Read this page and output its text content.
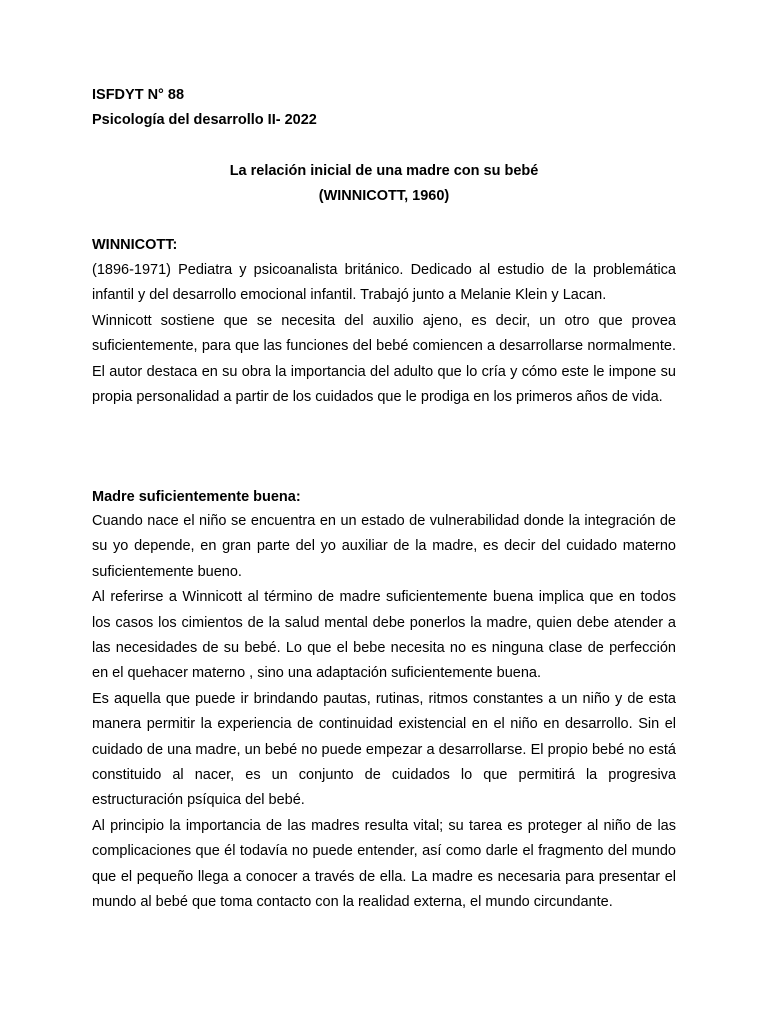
ISFDYT N° 88
Psicología del desarrollo II- 2022
La relación inicial de una madre con su bebé
(WINNICOTT, 1960)
WINNICOTT:

(1896-1971) Pediatra y psicoanalista británico. Dedicado al estudio de la problemática infantil y del desarrollo emocional infantil. Trabajó junto a Melanie Klein y Lacan.

Winnicott sostiene que se necesita del auxilio ajeno, es decir, un otro que provea suficientemente, para que las funciones del bebé comiencen a desarrollarse normalmente. El autor destaca en su obra la importancia del adulto que lo cría y cómo este le impone su propia personalidad a partir de los cuidados que le prodiga en los primeros años de vida.

Madre suficientemente buena:

Cuando nace el niño se encuentra en un estado de vulnerabilidad donde la integración de su yo depende, en gran parte del yo auxiliar de la madre, es decir del cuidado materno suficientemente bueno.

Al referirse a Winnicott al término de madre suficientemente buena implica que en todos los casos los cimientos de la salud mental debe ponerlos la madre, quien debe atender a las necesidades de su bebé. Lo que el bebe necesita no es ninguna clase de perfección en el quehacer materno , sino una adaptación suficientemente buena.

Es aquella que puede ir brindando pautas, rutinas, ritmos constantes a un niño y de esta manera permitir la experiencia de continuidad existencial en el niño en desarrollo. Sin el cuidado de una madre, un bebé no puede empezar a desarrollarse. El propio bebé no está constituido al nacer, es un conjunto de cuidados lo que permitirá la progresiva estructuración psíquica del bebé.

Al principio la importancia de las madres resulta vital; su tarea es proteger al niño de las complicaciones que él todavía no puede entender, así como darle el fragmento del mundo que el pequeño llega a conocer a través de ella. La madre es necesaria para presentar el mundo al bebé que toma contacto con la realidad externa, el mundo circundante.
